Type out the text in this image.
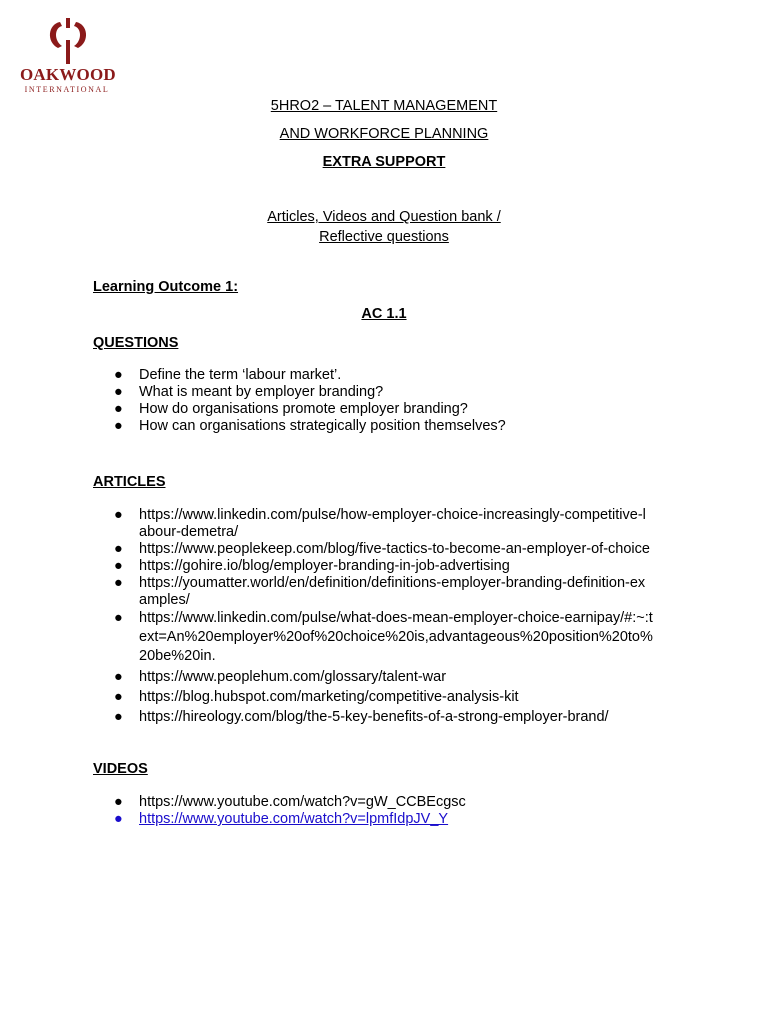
OAKWOOD
INTERNATIONAL
5HRO2 – TALENT MANAGEMENT
AND WORKFORCE PLANNING
EXTRA SUPPORT
Articles, Videos and Question bank /
Reflective questions
Learning Outcome 1:
AC 1.1
QUESTIONS
● Define the term ‘labour market’.
● What is meant by employer branding?
● How do organisations promote employer branding?
● How can organisations strategically position themselves?
ARTICLES
● https://www.linkedin.com/pulse/how-employer-choice-increasingly-competitive-labour-demetra/
● https://www.peoplekeep.com/blog/five-tactics-to-become-an-employer-of-choice
● https://gohire.io/blog/employer-branding-in-job-advertising
● https://youmatter.world/en/definition/definitions-employer-branding-definition-examples/
● https://www.linkedin.com/pulse/what-does-mean-employer-choice-earnipay/#:~:text=An%20employer%20of%20choice%20is,advantageous%20position%20to%20be%20in.
● https://www.peoplehum.com/glossary/talent-war
● https://blog.hubspot.com/marketing/competitive-analysis-kit
● https://hireology.com/blog/the-5-key-benefits-of-a-strong-employer-brand/
VIDEOS
● https://www.youtube.com/watch?v=gW_CCBEcgsc
● https://www.youtube.com/watch?v=lpmfIdpJV_Y
